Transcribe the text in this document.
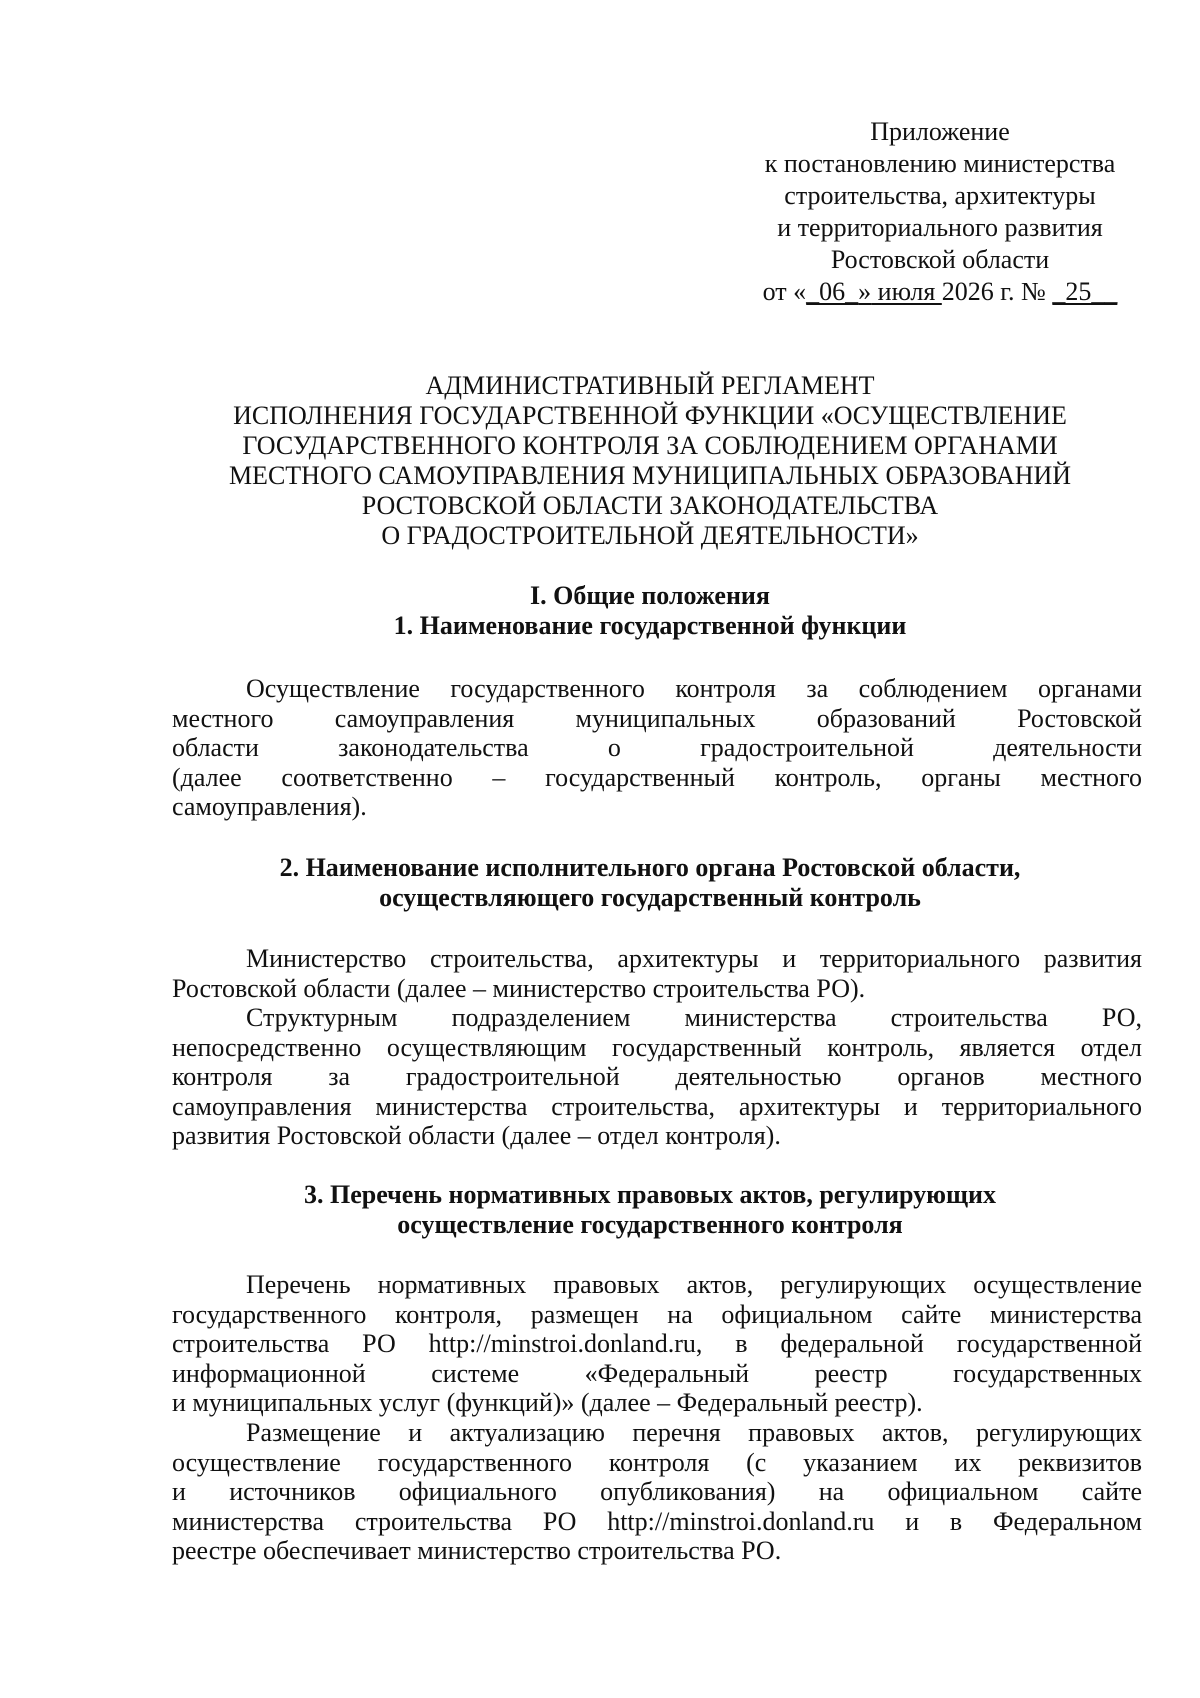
Приложение
к постановлению министерства
строительства, архитектуры
и территориального развития
Ростовской области
от «_06_» июля 2026 г. № _25__
АДМИНИСТРАТИВНЫЙ РЕГЛАМЕНТ
ИСПОЛНЕНИЯ ГОСУДАРСТВЕННОЙ ФУНКЦИИ «ОСУЩЕСТВЛЕНИЕ
ГОСУДАРСТВЕННОГО КОНТРОЛЯ ЗА СОБЛЮДЕНИЕМ ОРГАНАМИ
МЕСТНОГО САМОУПРАВЛЕНИЯ МУНИЦИПАЛЬНЫХ ОБРАЗОВАНИЙ
РОСТОВСКОЙ ОБЛАСТИ ЗАКОНОДАТЕЛЬСТВА
О ГРАДОСТРОИТЕЛЬНОЙ ДЕЯТЕЛЬНОСТИ»
I. Общие положения
1. Наименование государственной функции
Осуществление государственного контроля за соблюдением органами
местного самоуправления муниципальных образований Ростовской
области законодательства о градостроительной деятельности
(далее соответственно – государственный контроль, органы местного
самоуправления).
2. Наименование исполнительного органа Ростовской области,
осуществляющего государственный контроль
Министерство строительства, архитектуры и территориального развития
Ростовской области (далее – министерство строительства РО).
Структурным подразделением министерства строительства РО,
непосредственно осуществляющим государственный контроль, является отдел
контроля за градостроительной деятельностью органов местного
самоуправления министерства строительства, архитектуры и территориального
развития Ростовской области (далее – отдел контроля).
3. Перечень нормативных правовых актов, регулирующих
осуществление государственного контроля
Перечень нормативных правовых актов, регулирующих осуществление
государственного контроля, размещен на официальном сайте министерства
строительства РО http://minstroi.donland.ru, в федеральной государственной
информационной системе «Федеральный реестр государственных
и муниципальных услуг (функций)» (далее – Федеральный реестр).
Размещение и актуализацию перечня правовых актов, регулирующих
осуществление государственного контроля (с указанием их реквизитов
и источников официального опубликования) на официальном сайте
министерства строительства РО http://minstroi.donland.ru и в Федеральном
реестре обеспечивает министерство строительства РО.
